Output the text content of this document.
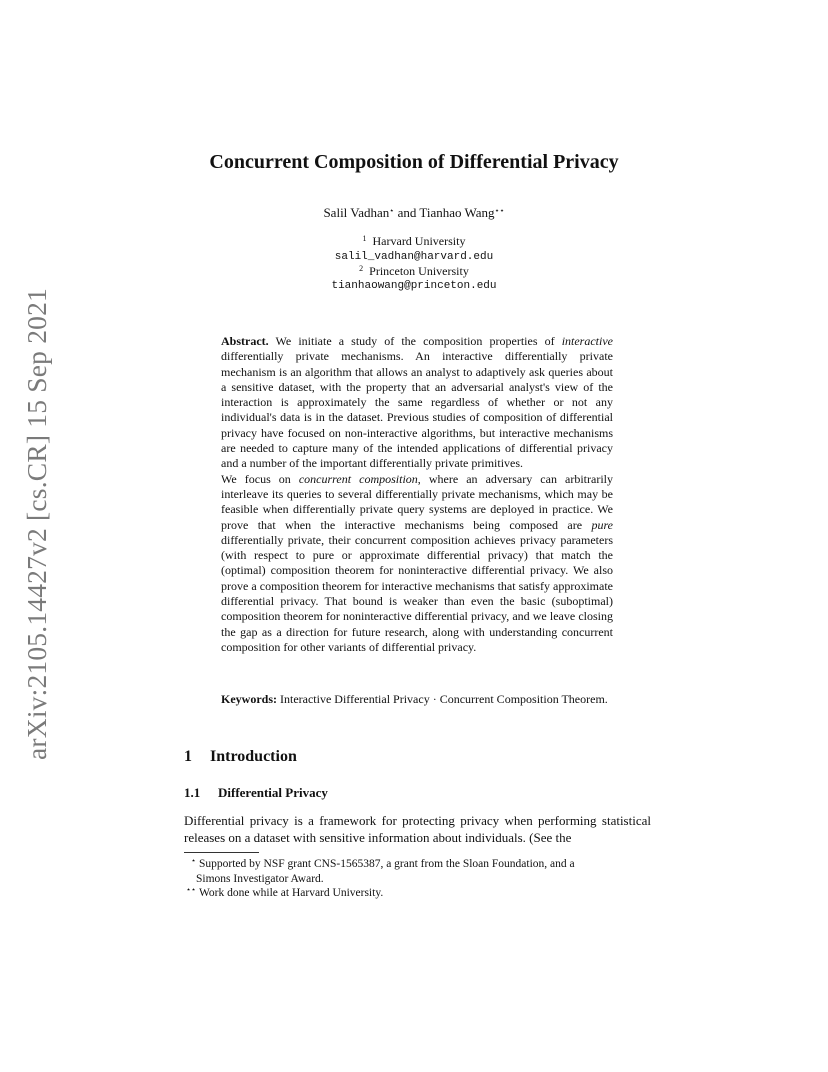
arXiv:2105.14427v2 [cs.CR] 15 Sep 2021
Concurrent Composition of Differential Privacy
Salil Vadhan⋆ and Tianhao Wang⋆⋆
$^1$ Harvard University
salil_vadhan@harvard.edu
$^2$ Princeton University
tianhaowang@princeton.edu

Abstract. We initiate a study of the composition properties of interactive differentially private mechanisms. An interactive differentially private mechanism is an algorithm that allows an analyst to adaptively ask queries about a sensitive dataset, with the property that an adversarial analyst's view of the interaction is approximately the same regardless of whether or not any individual's data is in the dataset. Previous studies of composition of differential privacy have focused on non-interactive algorithms, but interactive mechanisms are needed to capture many of the intended applications of differential privacy and a number of the important differentially private primitives.

We focus on concurrent composition, where an adversary can arbitrarily interleave its queries to several differentially private mechanisms, which may be feasible when differentially private query systems are deployed in practice. We prove that when the interactive mechanisms being composed are pure differentially private, their concurrent composition achieves privacy parameters (with respect to pure or approximate differential privacy) that match the (optimal) composition theorem for noninteractive differential privacy. We also prove a composition theorem for interactive mechanisms that satisfy approximate differential privacy. That bound is weaker than even the basic (suboptimal) composition theorem for noninteractive differential privacy, and we leave closing the gap as a direction for future research, along with understanding concurrent composition for other variants of differential privacy.

Keywords: Interactive Differential Privacy · Concurrent Composition Theorem.
1 Introduction
1.1 Differential Privacy
Differential privacy is a framework for protecting privacy when performing statistical releases on a dataset with sensitive information about individuals. (See the
⋆ Supported by NSF grant CNS-1565387, a grant from the Sloan Foundation, and a
Simons Investigator Award.
⋆⋆ Work done while at Harvard University.
